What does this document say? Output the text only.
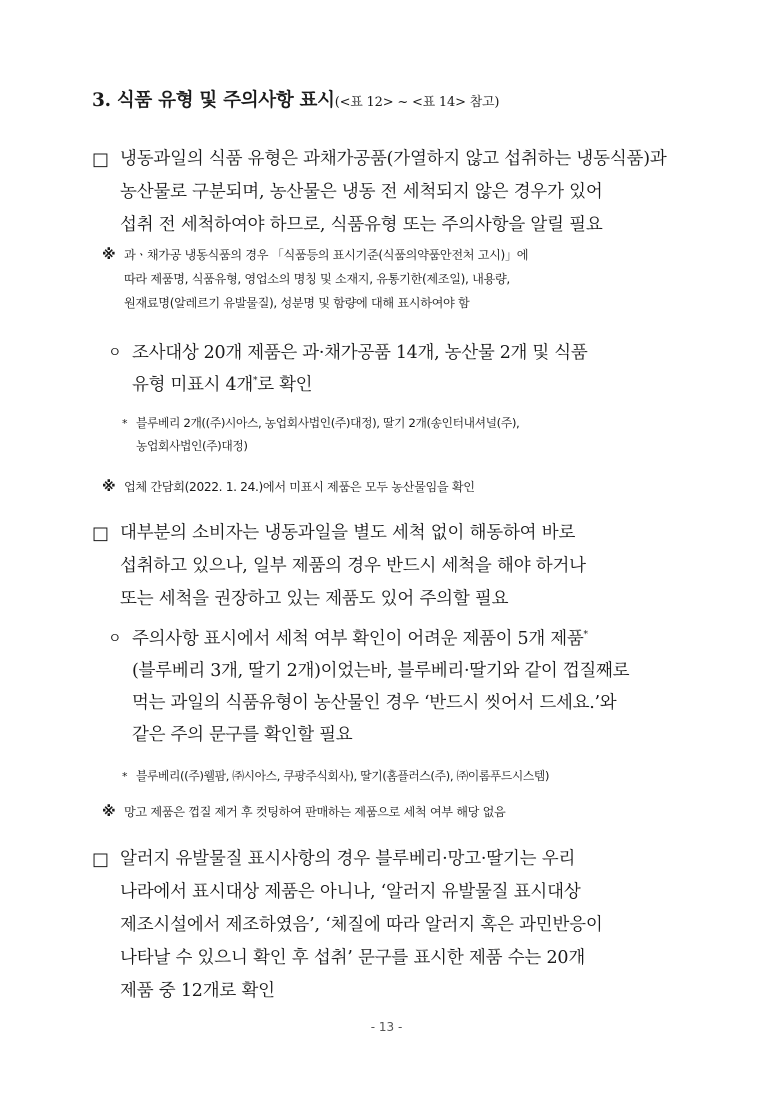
3. 식품 유형 및 주의사항 표시(<표 12> ~ <표 14> 참고)
□ 냉동과일의 식품 유형은 과채가공품(가열하지 않고 섭취하는 냉동식품)과
농산물로 구분되며, 농산물은 냉동 전 세척되지 않은 경우가 있어
섭취 전 세척하여야 하므로, 식품유형 또는 주의사항을 알릴 필요
※ 과ㆍ채가공 냉동식품의 경우 「식품등의 표시기준(식품의약품안전처 고시)」에
따라 제품명, 식품유형, 영업소의 명칭 및 소재지, 유통기한(제조일), 내용량,
원재료명(알레르기 유발물질), 성분명 및 함량에 대해 표시하여야 함
ㅇ 조사대상 20개 제품은 과·채가공품 14개, 농산물 2개 및 식품
유형 미표시 4개*로 확인
* 블루베리 2개((주)시아스, 농업회사법인(주)대정), 딸기 2개(송인터내셔널(주),
농업회사법인(주)대정)
※ 업체 간담회(2022. 1. 24.)에서 미표시 제품은 모두 농산물임을 확인
□ 대부분의 소비자는 냉동과일을 별도 세척 없이 해동하여 바로
섭취하고 있으나, 일부 제품의 경우 반드시 세척을 해야 하거나
또는 세척을 권장하고 있는 제품도 있어 주의할 필요
ㅇ 주의사항 표시에서 세척 여부 확인이 어려운 제품이 5개 제품*
(블루베리 3개, 딸기 2개)이었는바, 블루베리·딸기와 같이 껍질째로
먹는 과일의 식품유형이 농산물인 경우 ‘반드시 씻어서 드세요.’와
같은 주의 문구를 확인할 필요
* 블루베리((주)웰팜, ㈜시아스, 쿠팡주식회사), 딸기(홈플러스(주), ㈜이롬푸드시스템)
※ 망고 제품은 껍질 제거 후 컷팅하여 판매하는 제품으로 세척 여부 해당 없음
□ 알러지 유발물질 표시사항의 경우 블루베리·망고·딸기는 우리
나라에서 표시대상 제품은 아니나, ‘알러지 유발물질 표시대상
제조시설에서 제조하였음’, ‘체질에 따라 알러지 혹은 과민반응이
나타날 수 있으니 확인 후 섭취’ 문구를 표시한 제품 수는 20개
제품 중 12개로 확인
- 13 -
